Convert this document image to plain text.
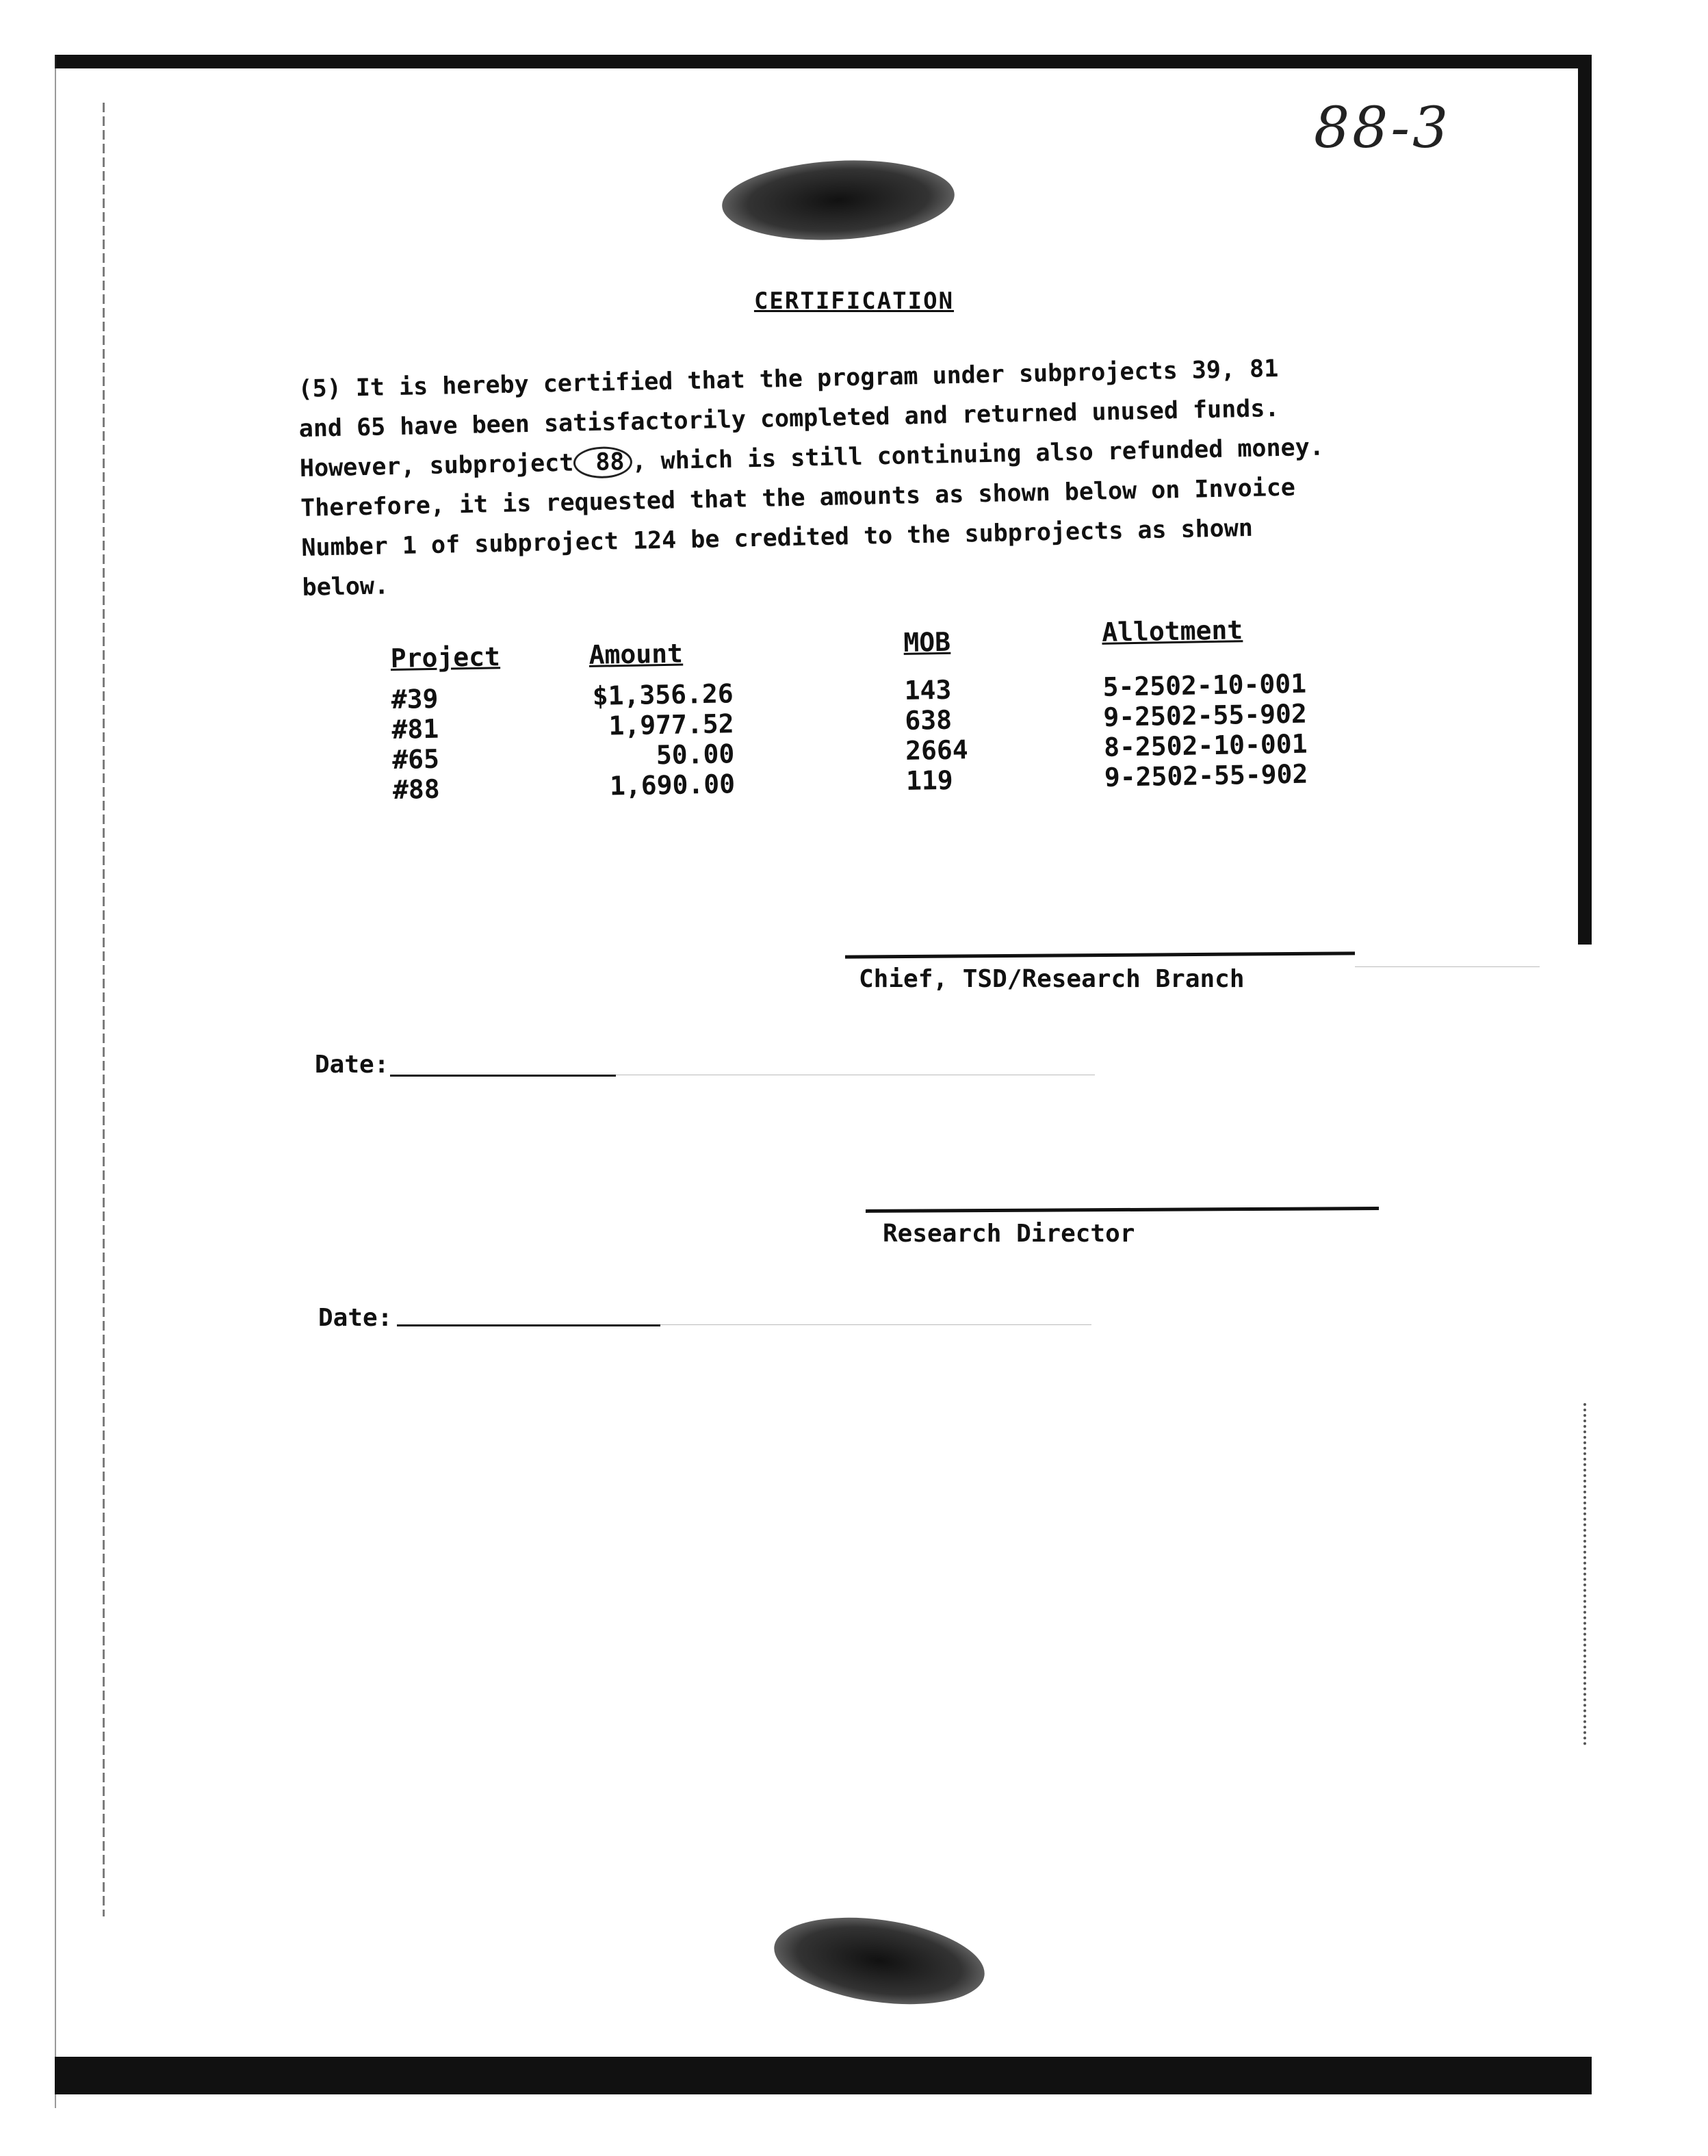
88-3
CERTIFICATION
(5) It is hereby certified that the program under subprojects 39, 81
and 65 have been satisfactorily completed and returned unused funds.
However, subproject 88 , which is still continuing also refunded money.
Therefore, it is requested that the amounts as shown below on Invoice
Number 1 of subproject 124 be credited to the subprojects as shown
below.
Project	Amount	MOB	Allotment
#39	$1,356.26	143	5-2502-10-001
#81	1,977.52	638	9-2502-55-902
#65	50.00	2664	8-2502-10-001
#88	1,690.00	119	9-2502-55-902
Chief, TSD/Research Branch
Date:
Research Director
Date:
